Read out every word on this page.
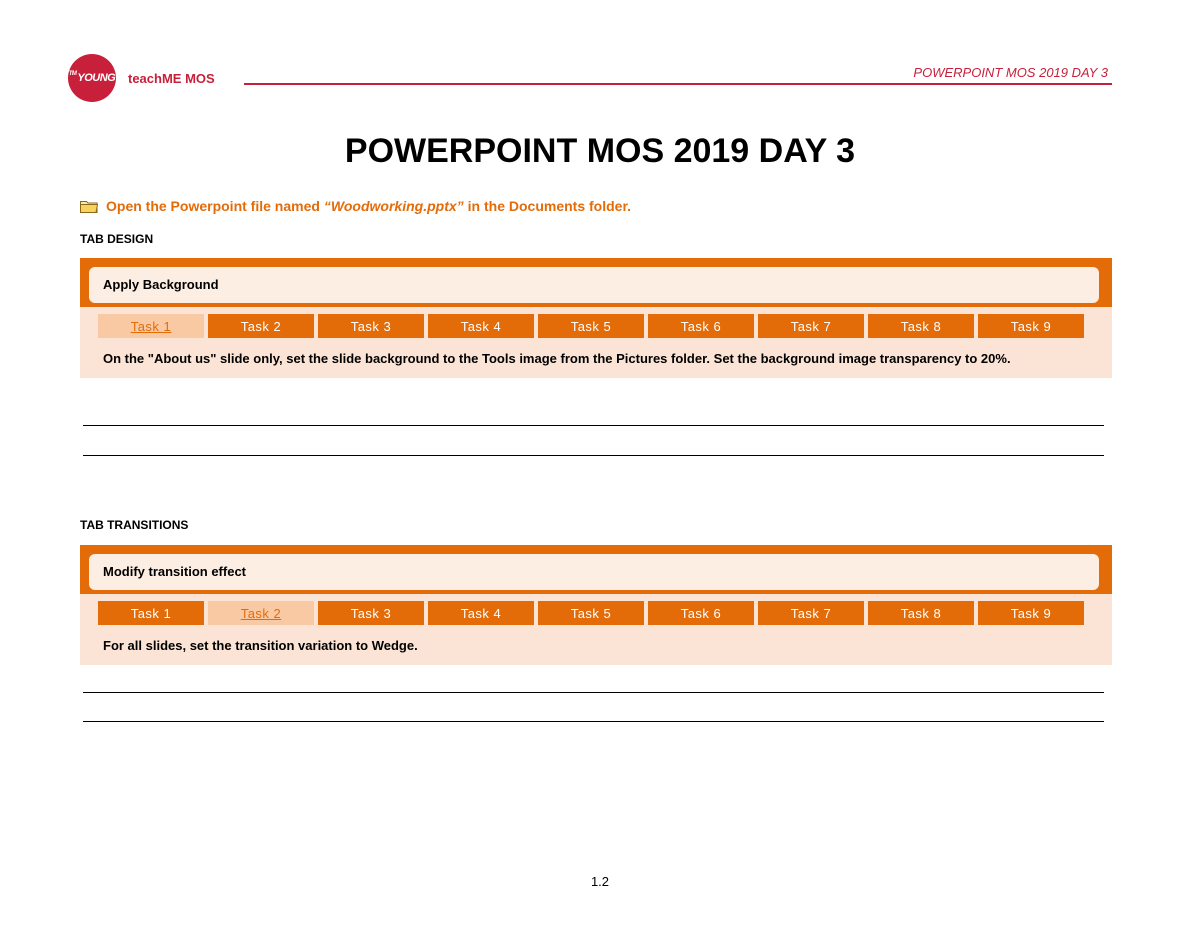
TM YOUNG teachME MOS	POWERPOINT MOS 2019 DAY 3
POWERPOINT MOS 2019 DAY 3
Open the Powerpoint file named “Woodworking.pptx” in the Documents folder.
TAB DESIGN
Apply Background
Task 1	Task 2	Task 3	Task 4	Task 5	Task 6	Task 7	Task 8	Task 9
On the "About us" slide only, set the slide background to the Tools image from the Pictures folder. Set the background image transparency to 20%.
TAB TRANSITIONS
Modify transition effect
Task 1	Task 2	Task 3	Task 4	Task 5	Task 6	Task 7	Task 8	Task 9
For all slides, set the transition variation to Wedge.
1.2
